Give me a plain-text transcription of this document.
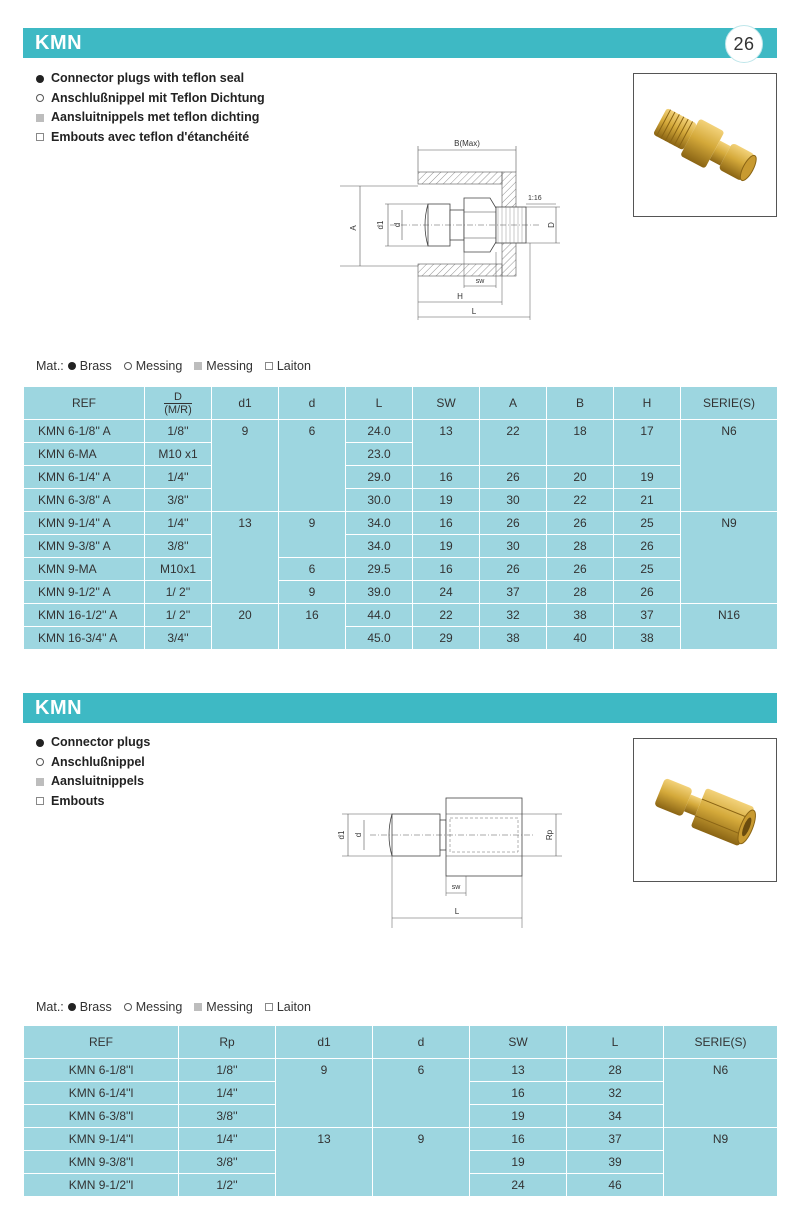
KMN	26
Connector plugs with teflon seal
Anschlußnippel mit Teflon Dichtung
Aansluitnippels met teflon dichting
Embouts avec teflon d'étanchéité	B(Max)
A d1 d	D
1:16
sw
H
L
Mat.: Brass Messing Messing Laiton
REF	$\frac{D}{(M/R)}$	d1	d	L	SW	A	B	H	SERIE(S)
KMN 6-1/8'' A	1/8''	9	6	24.0	13	22	18	17	N6
KMN 6-MA	M10 x1			23.0					
KMN 6-1/4'' A	1/4''			29.0	16	26	20	19	
KMN 6-3/8'' A	3/8''			30.0	19	30	22	21	
KMN 9-1/4'' A	1/4''	13	9	34.0	16	26	26	25	N9
KMN 9-3/8'' A	3/8''			34.0	19	30	28	26	
KMN 9-MA	M10x1		6	29.5	16	26	26	25	
KMN 9-1/2'' A	1/ 2''		9	39.0	24	37	28	26	
KMN 16-1/2'' A	1/ 2''	20	16	44.0	22	32	38	37	N16
KMN 16-3/4'' A	3/4''			45.0	29	38	40	38	
KMN
Connector plugs
Anschlußnippel
Aansluitnippels
Embouts
d1 d	Rp
sw
L
Mat.: Brass Messing Messing Laiton
REF	Rp	d1	d	SW	L	SERIE(S)
KMN 6-1/8''l	1/8''	9	6	13	28	N6
KMN 6-1/4''l	1/4''			16	32	
KMN 6-3/8''l	3/8''			19	34	
KMN 9-1/4''l	1/4''	13	9	16	37	N9
KMN 9-3/8''l	3/8''			19	39	
KMN 9-1/2''l	1/2''			24	46	
